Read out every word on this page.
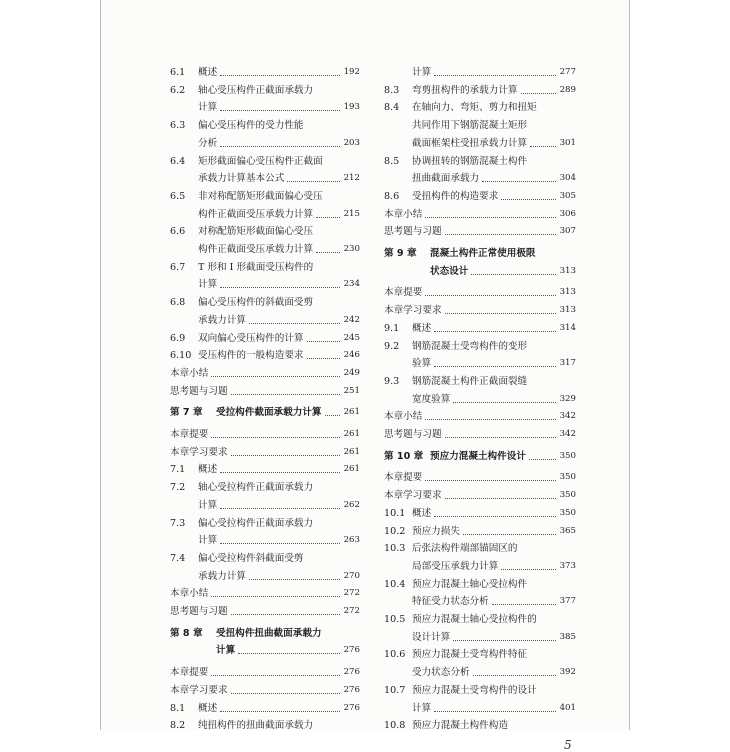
6.1 概述	192
6.2 轴心受压构件正截面承载力
计算	193
6.3 偏心受压构件的受力性能
分析	203
6.4 矩形截面偏心受压构件正截面
承载力计算基本公式	212
6.5 非对称配筋矩形截面偏心受压
构件正截面受压承载力计算	215
6.6 对称配筋矩形截面偏心受压
构件正截面受压承载力计算	230
6.7 T 形和 I 形截面受压构件的
计算	234
6.8 偏心受压构件的斜截面受剪
承载力计算	242
6.9 双向偏心受压构件的计算	245
6.10 受压构件的一般构造要求	246
本章小结	249
思考题与习题	251
第 7 章 受拉构件截面承载力计算	261
本章提要	261
本章学习要求	261
7.1 概述	261
7.2 轴心受拉构件正截面承载力
计算	262
7.3 偏心受拉构件正截面承载力
计算	263
7.4 偏心受拉构件斜截面受剪
承载力计算	270
本章小结	272
思考题与习题	272
第 8 章 受扭构件扭曲截面承载力
计算	276
本章提要	276
本章学习要求	276
8.1 概述	276
8.2 纯扭构件的扭曲截面承载力
计算	277
8.3 弯剪扭构件的承载力计算	289
8.4 在轴向力、弯矩、剪力和扭矩
共同作用下钢筋混凝土矩形
截面框架柱受扭承载力计算	301
8.5 协调扭转的钢筋混凝土构件
扭曲截面承载力	304
8.6 受扭构件的构造要求	305
本章小结	306
思考题与习题	307
第 9 章 混凝土构件正常使用极限
状态设计	313
本章提要	313
本章学习要求	313
9.1 概述	314
9.2 钢筋混凝土受弯构件的变形
验算	317
9.3 钢筋混凝土构件正截面裂缝
宽度验算	329
本章小结	342
思考题与习题	342
第 10 章 预应力混凝土构件设计	350
本章提要	350
本章学习要求	350
10.1 概述	350
10.2 预应力损失	365
10.3 后张法构件端部锚固区的
局部受压承载力计算	373
10.4 预应力混凝土轴心受拉构件
特征受力状态分析	377
10.5 预应力混凝土轴心受拉构件的
设计计算	385
10.6 预应力混凝土受弯构件特征
受力状态分析	392
10.7 预应力混凝土受弯构件的设计
计算	401
10.8 预应力混凝土构件构造
5
